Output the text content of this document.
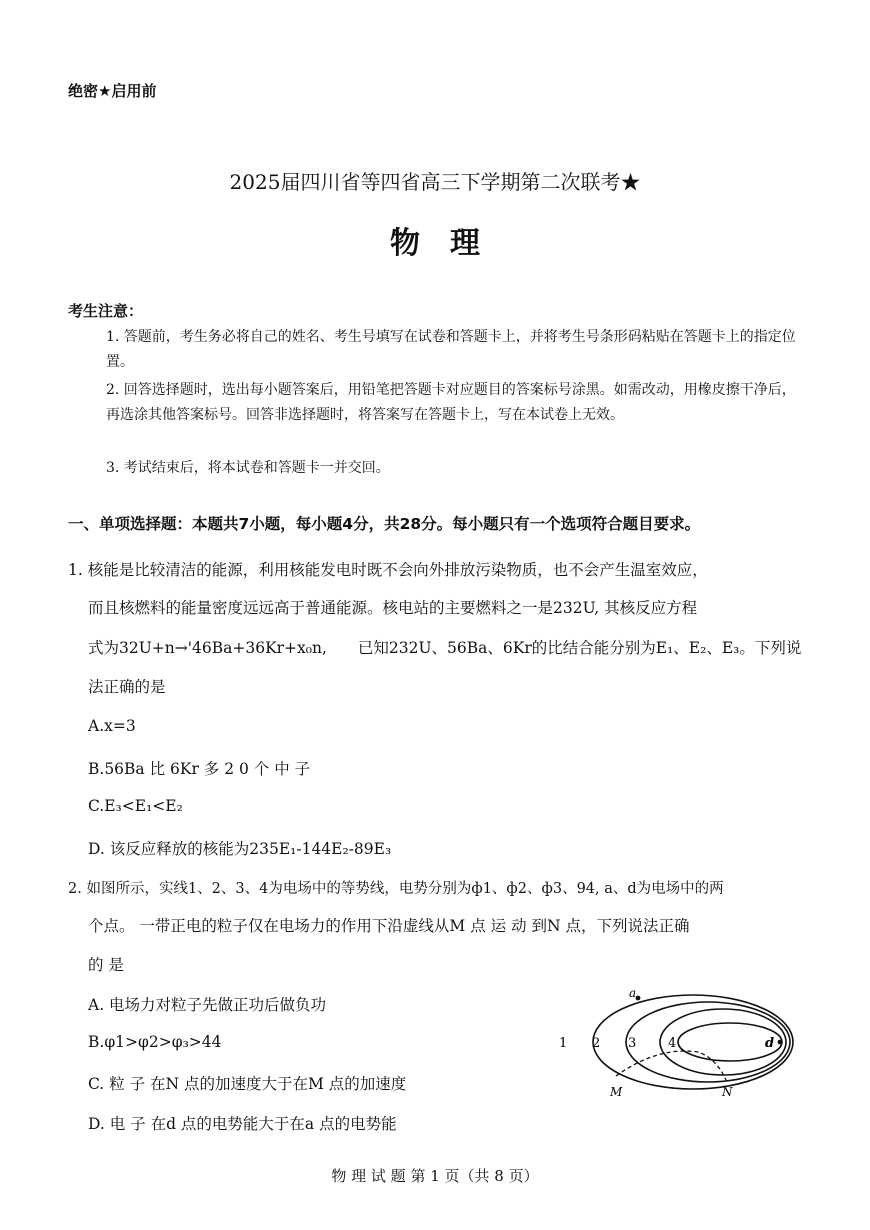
绝密★启用前
2025届四川省等四省高三下学期第二次联考★
物理
考生注意：
1. 答题前，考生务必将自己的姓名、考生号填写在试卷和答题卡上，并将考生号条形码粘贴在答题卡上的指定位置。
2. 回答选择题时，选出每小题答案后，用铅笔把答题卡对应题目的答案标号涂黑。如需改动，用橡皮擦干净后，再选涂其他答案标号。回答非选择题时，将答案写在答题卡上，写在本试卷上无效。
3. 考试结束后，将本试卷和答题卡一并交回。
一、单项选择题：本题共7小题，每小题4分，共28分。每小题只有一个选项符合题目要求。
1. 核能是比较清洁的能源，利用核能发电时既不会向外排放污染物质，也不会产生温室效应，
而且核燃料的能量密度远远高于普通能源。核电站的主要燃料之一是232U, 其核反应方程
式为32U+n→'46Ba+36Kr+x₀n,　　已知232U、56Ba、6Kr的比结合能分别为E₁、E₂、E₃。下列说
法正确的是
A.x=3
B.56Ba 比 6Kr 多 2 0 个 中 子
C.E₃<E₁<E₂
D. 该反应释放的核能为235E₁-144E₂-89E₃
2. 如图所示，实线1、2、3、4为电场中的等势线，电势分别为ф1、ф2、ф3、94, a、d为电场中的两
个点。 一带正电的粒子仅在电场力的作用下沿虚线从M 点 运 动 到N 点，下列说法正确
的 是
A. 电场力对粒子先做正功后做负功
B.φ1>φ2>φ₃>44
C. 粒 子 在N 点的加速度大于在M 点的加速度
D. 电 子 在d 点的电势能大于在a 点的电势能
1 2 3 4
a
d
M	N
物 理 试 题 第 1 页（共 8 页）
